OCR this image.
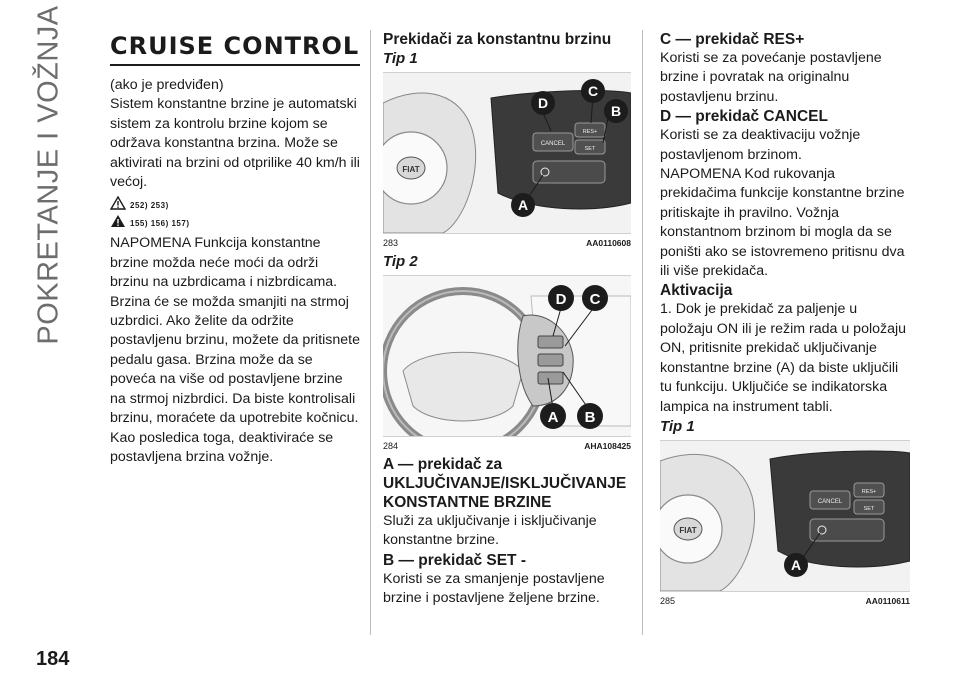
POKRETANJE I VOŽNJA
184
CRUISE CONTROL

(ako je predviđen)

Sistem konstantne brzine je automatski sistem za kontrolu brzine kojom se održava konstantna brzina. Može se aktivirati na brzini od otprilike 40 km/h ili većoj.

252) 253)
155) 156) 157)

NAPOMENA Funkcija konstantne brzine možda neće moći da održi brzinu na uzbrdicama i nizbrdicama. Brzina će se možda smanjiti na strmoj uzbrdici. Ako želite da održite postavljenu brzinu, možete da pritisnete pedalu gasa. Brzina može da se poveća na više od postavljene brzine na strmoj nizbrdici. Da biste kontrolisali brzinu, moraćete da upotrebite kočnicu. Kao posledica toga, deaktiviraće se postavljena brzina vožnje.

Prekidači za konstantnu brzinu
Tip 1
FIAT
CANCEL
RES+
SET
D
C
B
A
283	AA0110608
Tip 2
D C
A B
284	AHA108425
A — prekidač za UKLJUČIVANJE/ISKLJUČIVANJE KONSTANTNE BRZINE

Služi za uključivanje i isključivanje konstantne brzine.

B — prekidač SET -

Koristi se za smanjenje postavljene brzine i postavljene željene brzine.

C — prekidač RES+

Koristi se za povećanje postavljene brzine i povratak na originalnu postavljenu brzinu.

D — prekidač CANCEL

Koristi se za deaktivaciju vožnje postavljenom brzinom.

NAPOMENA Kod rukovanja prekidačima funkcije konstantne brzine pritiskajte ih pravilno. Vožnja konstantnom brzinom bi mogla da se poništi ako se istovremeno pritisnu dva ili više prekidača.

Aktivacija

1. Dok je prekidač za paljenje u položaju ON ili je režim rada u položaju ON, pritisnite prekidač uključivanje konstantne brzine (A) da biste uključili tu funkciju. Uključiće se indikatorska lampica na instrument tabli.

Tip 1
FIAT
CANCEL
RES+
SET
A
285	AA0110611
